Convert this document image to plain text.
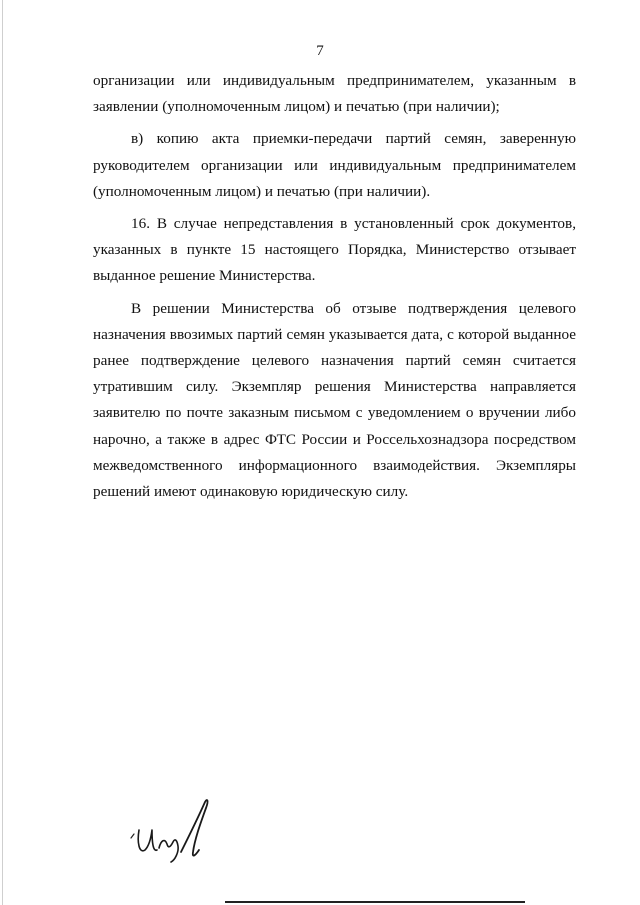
7

организации или индивидуальным предпринимателем, указанным в заявлении (уполномоченным лицом) и печатью (при наличии);

в) копию акта приемки-передачи партий семян, заверенную руководителем организации или индивидуальным предпринимателем (уполномоченным лицом) и печатью (при наличии).

16. В случае непредставления в установленный срок документов, указанных в пункте 15 настоящего Порядка, Министерство отзывает выданное решение Министерства.

В решении Министерства об отзыве подтверждения целевого назначения ввозимых партий семян указывается дата, с которой выданное ранее подтверждение целевого назначения партий семян считается утратившим силу. Экземпляр решения Министерства направляется заявителю по почте заказным письмом с уведомлением о вручении либо нарочно, а также в адрес ФТС России и Россельхознадзора посредством межведомственного информационного взаимодействия. Экземпляры решений имеют одинаковую юридическую силу.
